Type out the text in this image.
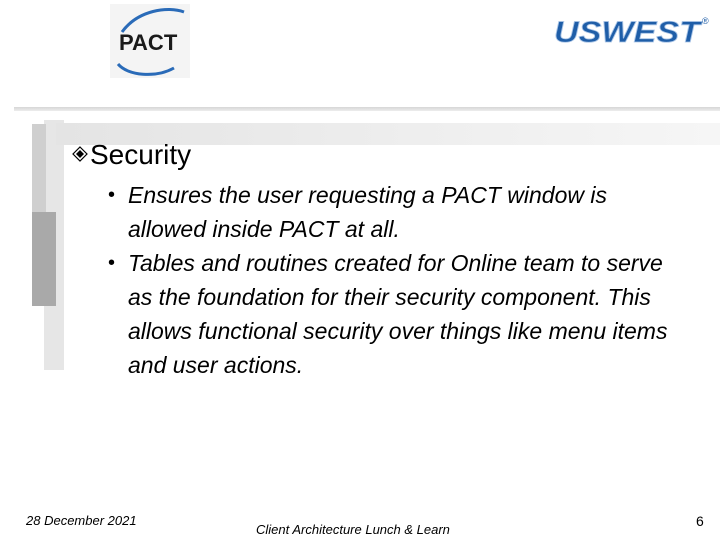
PACT	USWEST
®
Security
• Ensures the user requesting a PACT window is allowed inside PACT at all.
• Tables and routines created for Online team to serve as the foundation for their security component. This allows functional security over things like menu items and user actions.
28 December 2021
Client Architecture Lunch & Learn
6
